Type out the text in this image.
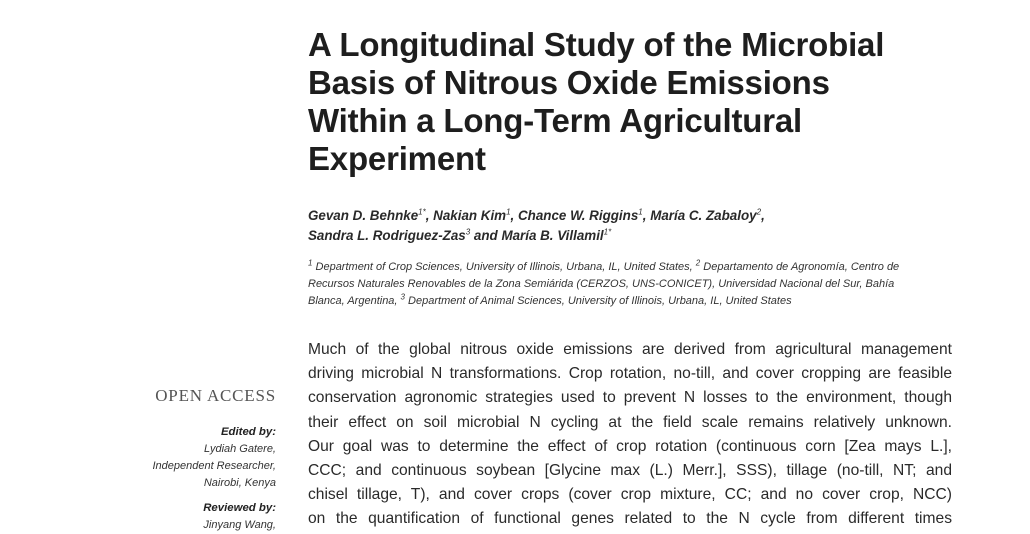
A Longitudinal Study of the Microbial
Basis of Nitrous Oxide Emissions
Within a Long-Term Agricultural
Experiment
Gevan D. Behnke$^{1*}$, Nakian Kim$^1$, Chance W. Riggins$^1$, María C. Zabaloy$^2$,
Sandra L. Rodriguez-Zas$^3$ and María B. Villamil$^{1*}$
$^1$ Department of Crop Sciences, University of Illinois, Urbana, IL, United States, $^2$ Departamento de Agronomía, Centro de
Recursos Naturales Renovables de la Zona Semiárida (CERZOS, UNS-CONICET), Universidad Nacional del Sur, Bahía
Blanca, Argentina, $^3$ Department of Animal Sciences, University of Illinois, Urbana, IL, United States
Much of the global nitrous oxide emissions are derived from agricultural management
driving microbial N transformations. Crop rotation, no-till, and cover cropping are feasible
conservation agronomic strategies used to prevent N losses to the environment, though
their effect on soil microbial N cycling at the field scale remains relatively unknown.
Our goal was to determine the effect of crop rotation (continuous corn [Zea mays L.],
CCC; and continuous soybean [Glycine max (L.) Merr.], SSS), tillage (no-till, NT; and
chisel tillage, T), and cover crops (cover crop mixture, CC; and no cover crop, NCC)
on the quantification of functional genes related to the N cycle from different times
OPEN ACCESS
Edited by:
Lydiah Gatere,
Independent Researcher,
Nairobi, Kenya
Reviewed by:
Jinyang Wang,
